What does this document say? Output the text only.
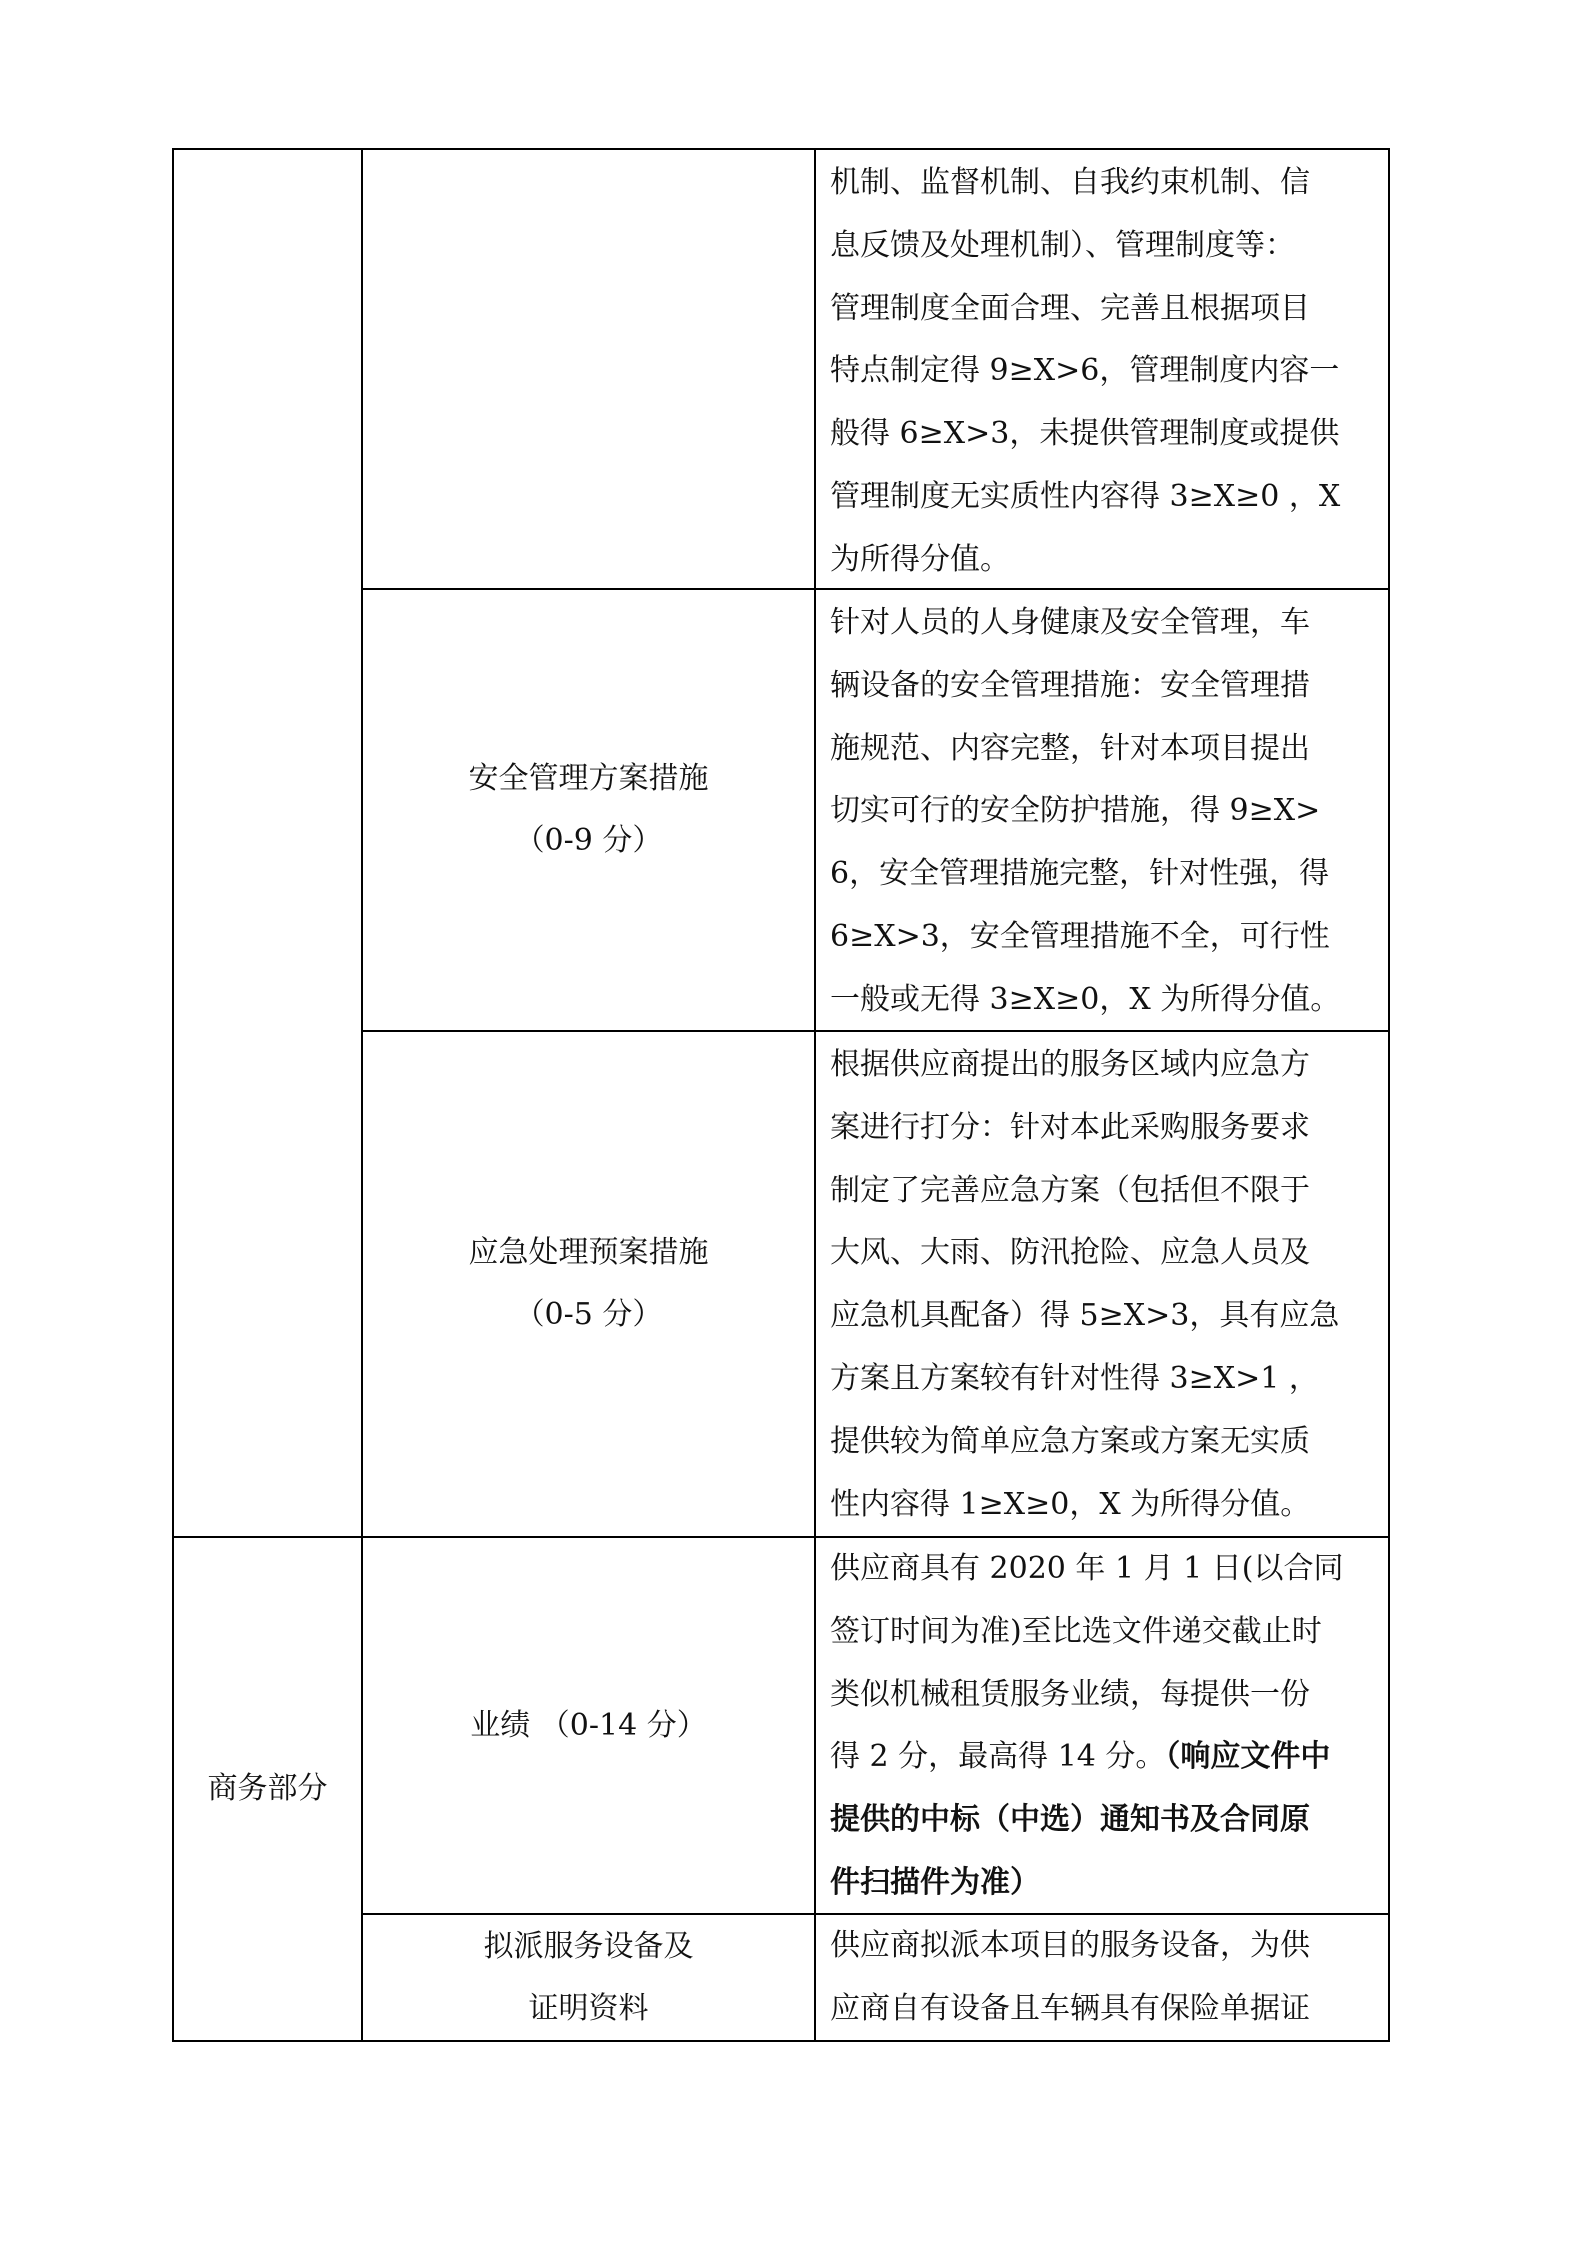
机制、监督机制、自我约束机制、信

息反馈及处理机制）、管理制度等：

管理制度全面合理、完善且根据项目

特点制定得 9≥X>6，管理制度内容一

般得 6≥X>3，未提供管理制度或提供

管理制度无实质性内容得 3≥X≥0 ，X

为所得分值。

安全管理方案措施
（0-9 分）

针对人员的人身健康及安全管理，车

辆设备的安全管理措施：安全管理措

施规范、内容完整，针对本项目提出

切实可行的安全防护措施，得 9≥X>

6，安全管理措施完整，针对性强，得

6≥X>3，安全管理措施不全，可行性

一般或无得 3≥X≥0，X 为所得分值。

应急处理预案措施
（0-5 分）

根据供应商提出的服务区域内应急方

案进行打分：针对本此采购服务要求

制定了完善应急方案（包括但不限于

大风、大雨、防汛抢险、应急人员及

应急机具配备）得 5≥X>3，具有应急

方案且方案较有针对性得 3≥X>1 ，

提供较为简单应急方案或方案无实质

性内容得 1≥X≥0，X 为所得分值。

商务部分
业绩 （0-14 分）

供应商具有 2020 年 1 月 1 日(以合同

签订时间为准)至比选文件递交截止时

类似机械租赁服务业绩，每提供一份

得 2 分，最高得 14 分。（响应文件中

提供的中标（中选）通知书及合同原

件扫描件为准）

拟派服务设备及
证明资料

供应商拟派本项目的服务设备，为供

应商自有设备且车辆具有保险单据证
